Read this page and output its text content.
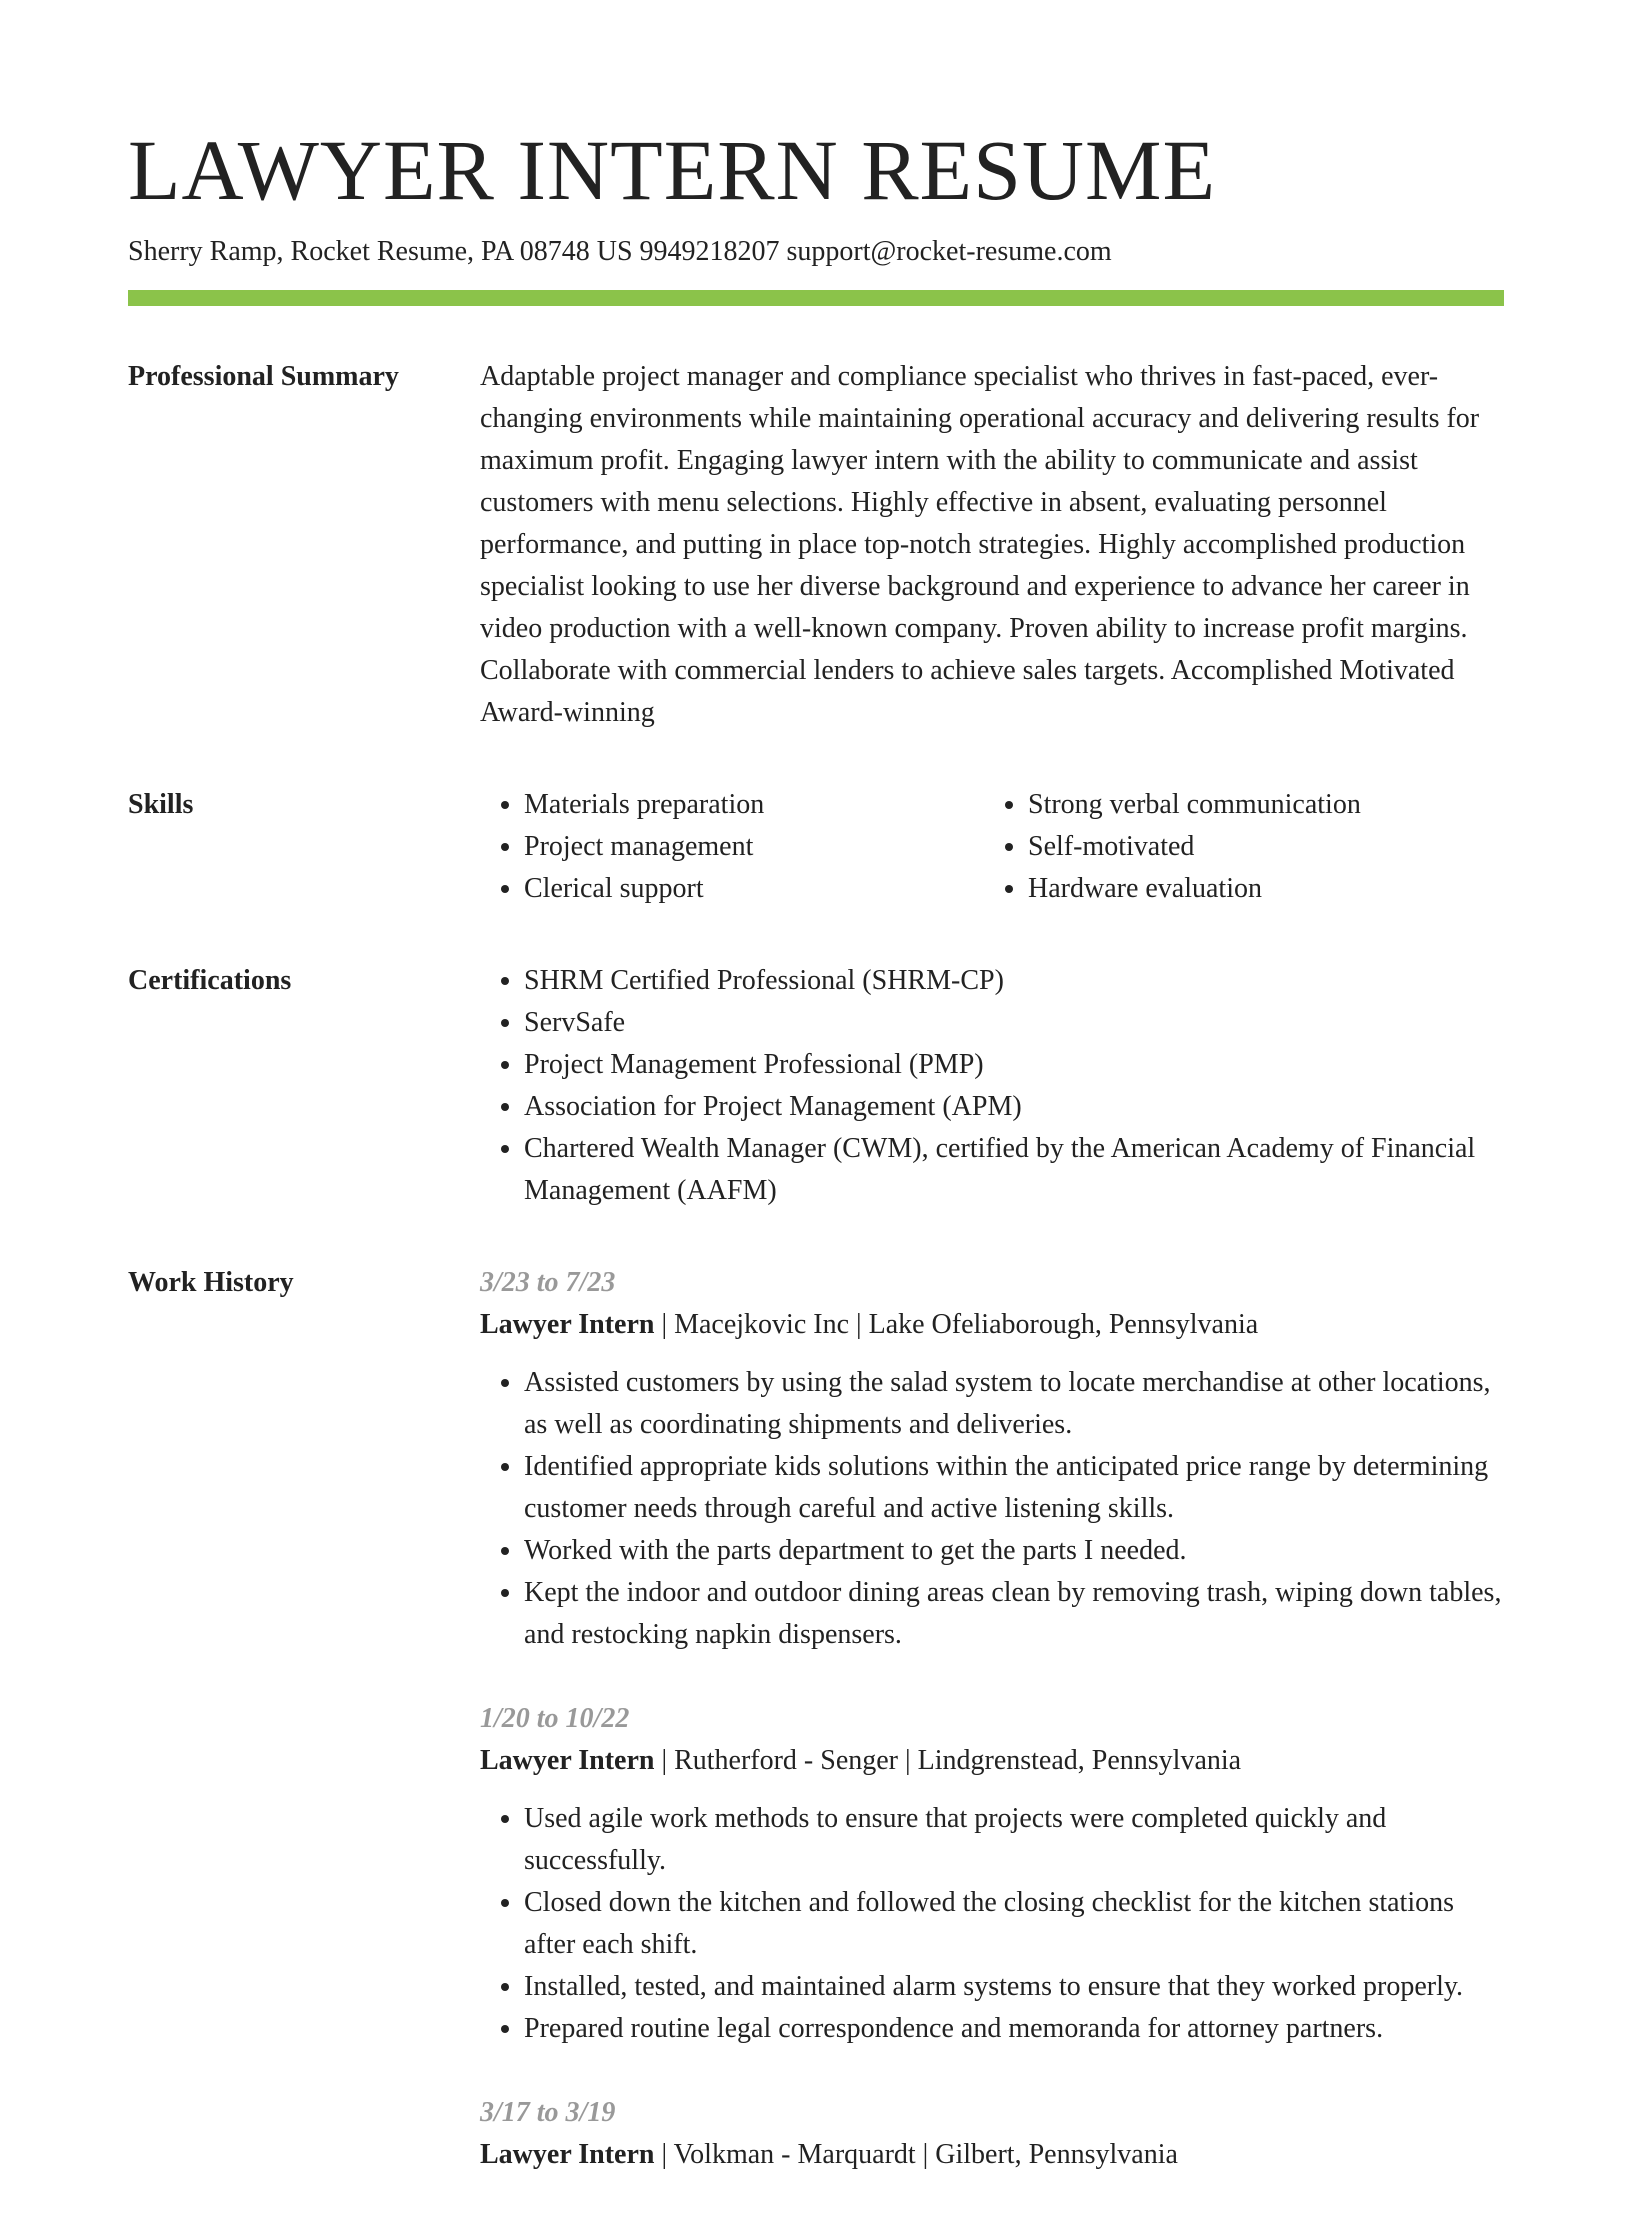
LAWYER INTERN RESUME
Sherry Ramp, Rocket Resume, PA 08748 US 9949218207 support@rocket-resume.com
Professional Summary	Adaptable project manager and compliance specialist who thrives in fast-paced, ever-changing environments while maintaining operational accuracy and delivering results for maximum profit. Engaging lawyer intern with the ability to communicate and assist customers with menu selections. Highly effective in absent, evaluating personnel performance, and putting in place top-notch strategies. Highly accomplished production specialist looking to use her diverse background and experience to advance her career in video production with a well-known company. Proven ability to increase profit margins. Collaborate with commercial lenders to achieve sales targets. Accomplished Motivated Award-winning

Skills	• Materials preparation
• Project management
• Clerical support
• Strong verbal communication
• Self-motivated
• Hardware evaluation
Certifications	• SHRM Certified Professional (SHRM-CP)
• ServSafe
• Project Management Professional (PMP)
• Association for Project Management (APM)
• Chartered Wealth Manager (CWM), certified by the American Academy of Financial Management (AAFM)
Work History	3/23 to 7/23
Lawyer Intern | Macejkovic Inc | Lake Ofeliaborough, Pennsylvania
• Assisted customers by using the salad system to locate merchandise at other locations, as well as coordinating shipments and deliveries.
• Identified appropriate kids solutions within the anticipated price range by determining customer needs through careful and active listening skills.
• Worked with the parts department to get the parts I needed.
• Kept the indoor and outdoor dining areas clean by removing trash, wiping down tables, and restocking napkin dispensers.
1/20 to 10/22
Lawyer Intern | Rutherford - Senger | Lindgrenstead, Pennsylvania
• Used agile work methods to ensure that projects were completed quickly and successfully.
• Closed down the kitchen and followed the closing checklist for the kitchen stations after each shift.
• Installed, tested, and maintained alarm systems to ensure that they worked properly.
• Prepared routine legal correspondence and memoranda for attorney partners.
3/17 to 3/19
Lawyer Intern | Volkman - Marquardt | Gilbert, Pennsylvania
